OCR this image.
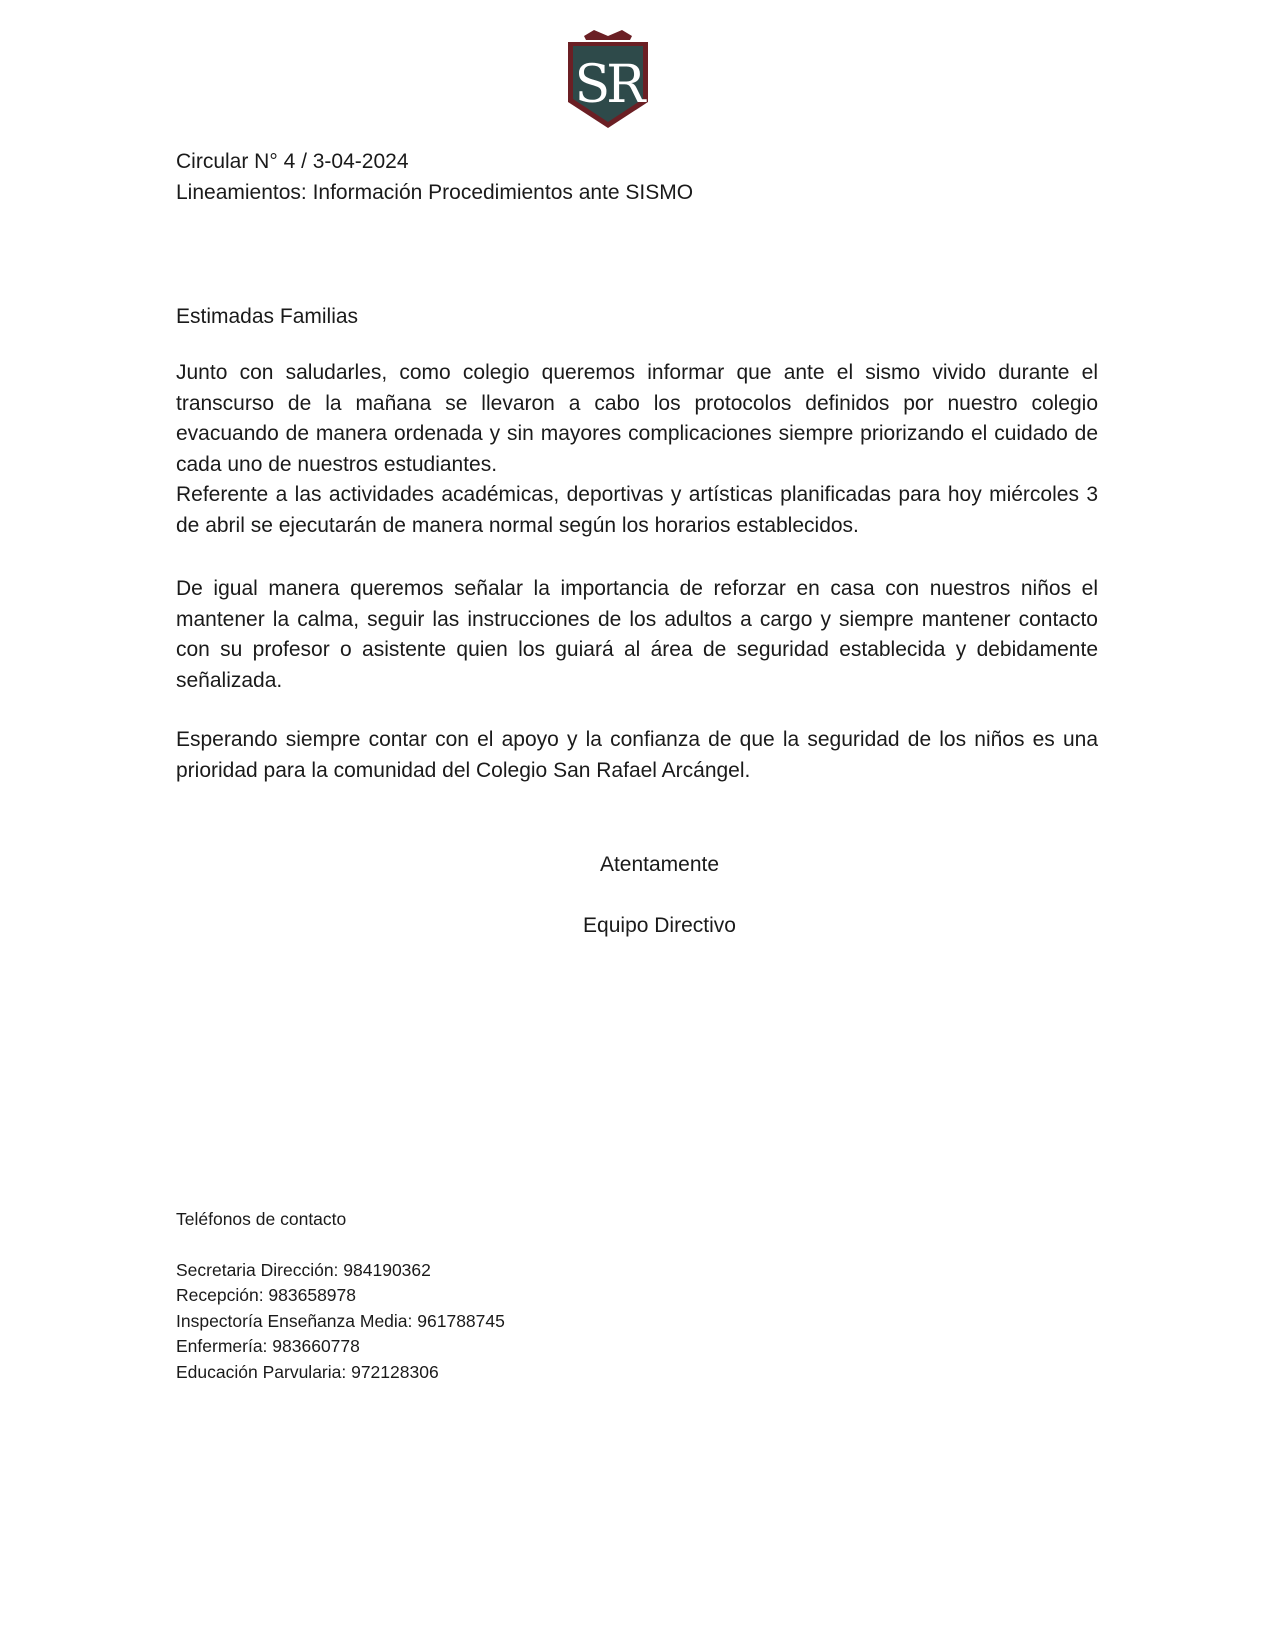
SR
Circular N° 4 / 3-04-2024
Lineamientos: Información Procedimientos ante SISMO
Estimadas Familias

Junto con saludarles, como colegio queremos informar que ante el sismo vivido durante el transcurso de la mañana se llevaron a cabo los protocolos definidos por nuestro colegio evacuando de manera ordenada y sin mayores complicaciones siempre priorizando el cuidado de cada uno de nuestros estudiantes.

Referente a las actividades académicas, deportivas y artísticas planificadas para hoy miércoles 3 de abril se ejecutarán de manera normal según los horarios establecidos.

De igual manera queremos señalar la importancia de reforzar en casa con nuestros niños el mantener la calma, seguir las instrucciones de los adultos a cargo y siempre mantener contacto con su profesor o asistente quien los guiará al área de seguridad establecida y debidamente señalizada.

Esperando siempre contar con el apoyo y la confianza de que la seguridad de los niños es una prioridad para la comunidad del Colegio San Rafael Arcángel.

Atentamente
Equipo Directivo
Teléfonos de contacto
Secretaria Dirección: 984190362
Recepción: 983658978
Inspectoría Enseñanza Media: 961788745
Enfermería: 983660778
Educación Parvularia: 972128306
